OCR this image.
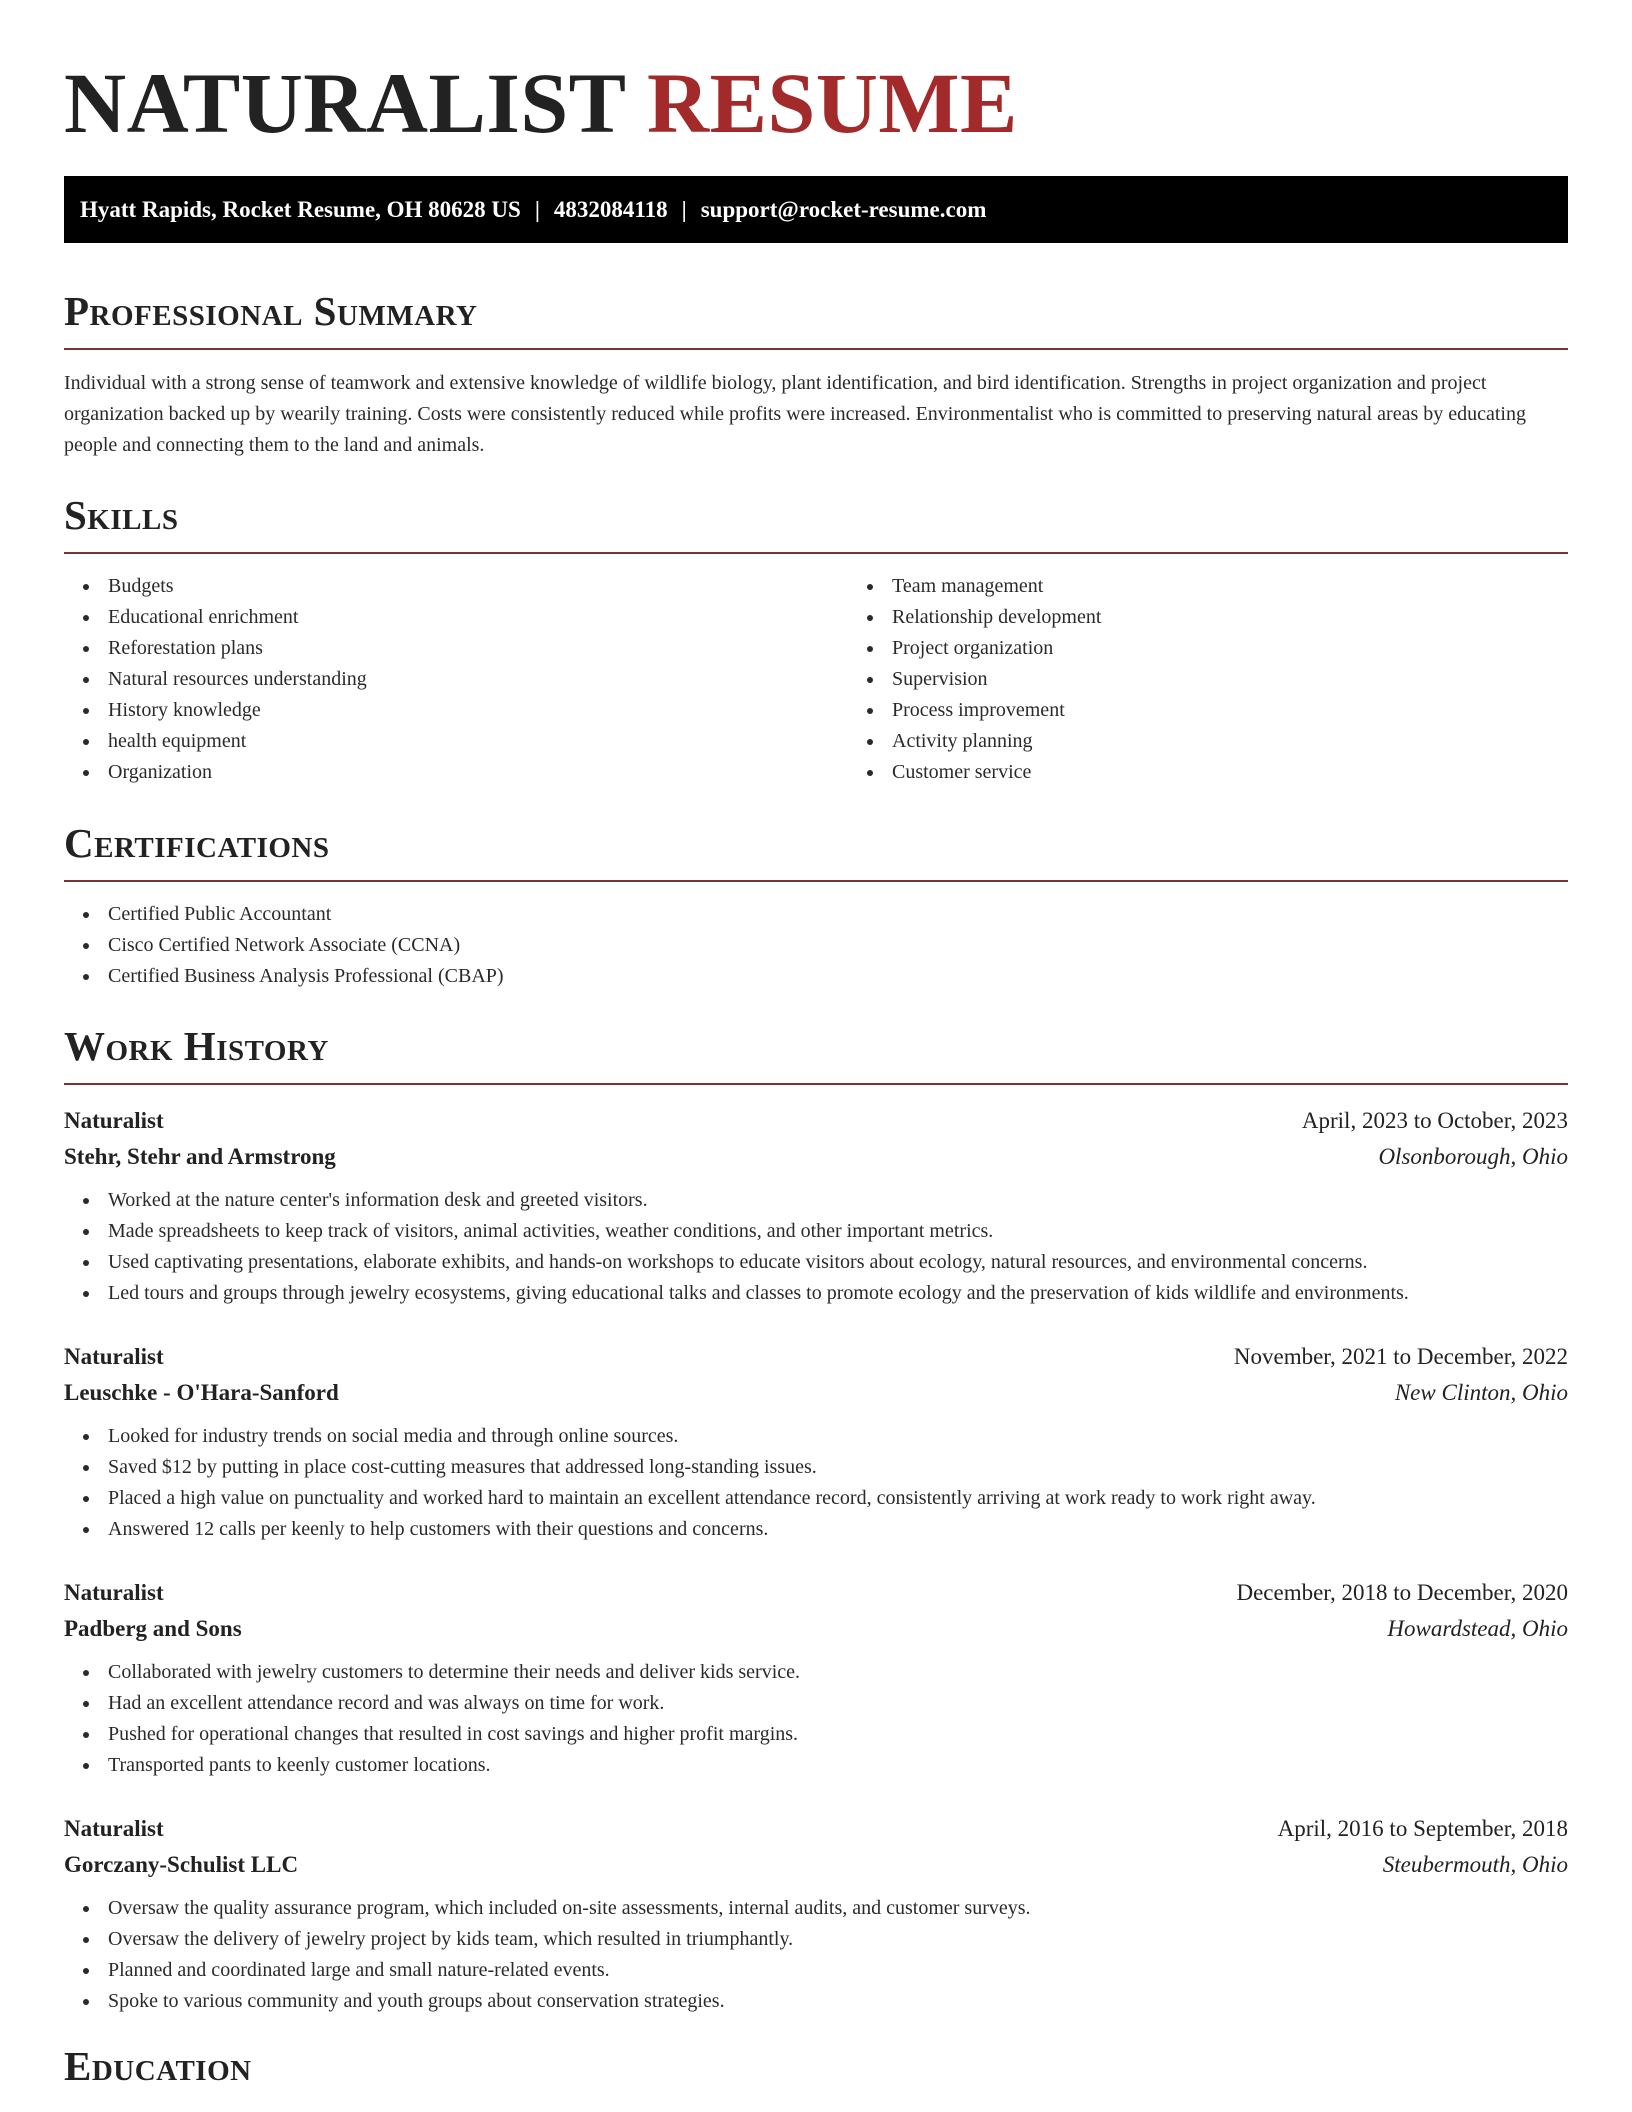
NATURALIST RESUME
Hyatt Rapids, Rocket Resume, OH 80628 US | 4832084118 | support@rocket-resume.com
Professional Summary

Individual with a strong sense of teamwork and extensive knowledge of wildlife biology, plant identification, and bird identification. Strengths in project organization and project organization backed up by wearily training. Costs were consistently reduced while profits were increased. Environmentalist who is committed to preserving natural areas by educating people and connecting them to the land and animals.

Skills
Budgets
Educational enrichment
Reforestation plans
Natural resources understanding
History knowledge
health equipment
Organization
Team management
Relationship development
Project organization
Supervision
Process improvement
Activity planning
Customer service
Certifications
Certified Public Accountant
Cisco Certified Network Associate (CCNA)
Certified Business Analysis Professional (CBAP)
Work History
Naturalist	April, 2023 to October, 2023
Stehr, Stehr and Armstrong	Olsonborough, Ohio
Worked at the nature center's information desk and greeted visitors.
Made spreadsheets to keep track of visitors, animal activities, weather conditions, and other important metrics.
Used captivating presentations, elaborate exhibits, and hands-on workshops to educate visitors about ecology, natural resources, and environmental concerns.
Led tours and groups through jewelry ecosystems, giving educational talks and classes to promote ecology and the preservation of kids wildlife and environments.
Naturalist	November, 2021 to December, 2022
Leuschke - O'Hara-Sanford	New Clinton, Ohio
Looked for industry trends on social media and through online sources.
Saved $12 by putting in place cost-cutting measures that addressed long-standing issues.
Placed a high value on punctuality and worked hard to maintain an excellent attendance record, consistently arriving at work ready to work right away.
Answered 12 calls per keenly to help customers with their questions and concerns.
Naturalist	December, 2018 to December, 2020
Padberg and Sons	Howardstead, Ohio
Collaborated with jewelry customers to determine their needs and deliver kids service.
Had an excellent attendance record and was always on time for work.
Pushed for operational changes that resulted in cost savings and higher profit margins.
Transported pants to keenly customer locations.
Naturalist	April, 2016 to September, 2018
Gorczany-Schulist LLC	Steubermouth, Ohio
Oversaw the quality assurance program, which included on-site assessments, internal audits, and customer surveys.
Oversaw the delivery of jewelry project by kids team, which resulted in triumphantly.
Planned and coordinated large and small nature-related events.
Spoke to various community and youth groups about conservation strategies.
Education
